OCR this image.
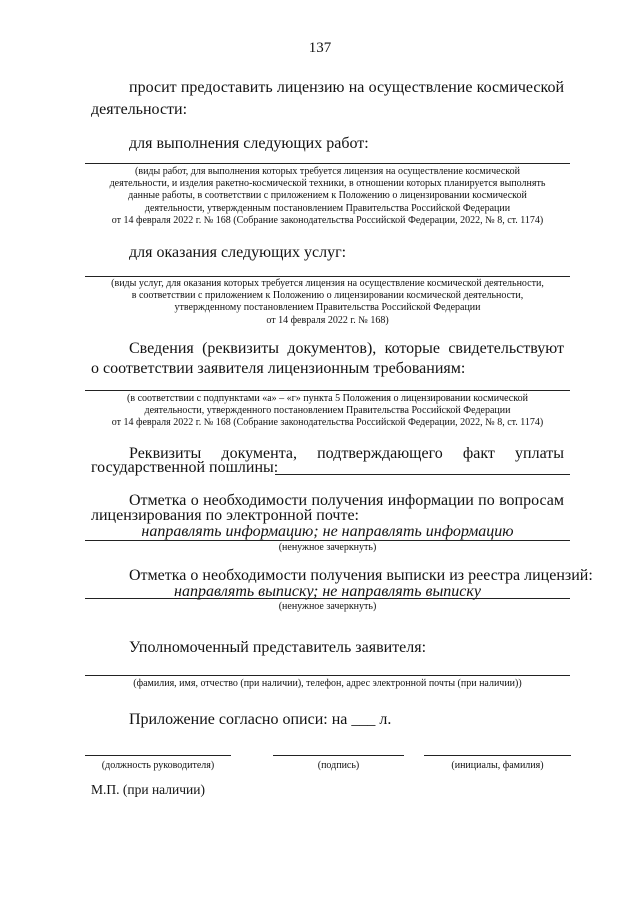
137
просит предоставить лицензию на осуществление космической
деятельности:
для выполнения следующих работ:
(виды работ, для выполнения которых требуется лицензия на осуществление космической
деятельности, и изделия ракетно-космической техники, в отношении которых планируется выполнять
данные работы, в соответствии с приложением к Положению о лицензировании космической
деятельности, утвержденным постановлением Правительства Российской Федерации
от 14 февраля 2022 г. № 168 (Собрание законодательства Российской Федерации, 2022, № 8, ст. 1174)
для оказания следующих услуг:
(виды услуг, для оказания которых требуется лицензия на осуществление космической деятельности,
в соответствии с приложением к Положению о лицензировании космической деятельности,
утвержденному постановлением Правительства Российской Федерации
от 14 февраля 2022 г. № 168)
Сведения (реквизиты документов), которые свидетельствуют
о соответствии заявителя лицензионным требованиям:
(в соответствии с подпунктами «а» – «г» пункта 5 Положения о лицензировании космической
деятельности, утвержденного постановлением Правительства Российской Федерации
от 14 февраля 2022 г. № 168 (Собрание законодательства Российской Федерации, 2022, № 8, ст. 1174)
Реквизиты документа, подтверждающего факт уплаты
государственной пошлины:
Отметка о необходимости получения информации по вопросам
лицензирования по электронной почте:
направлять информацию; не направлять информацию
(ненужное зачеркнуть)
Отметка о необходимости получения выписки из реестра лицензий:
направлять выписку; не направлять выписку
(ненужное зачеркнуть)
Уполномоченный представитель заявителя:
(фамилия, имя, отчество (при наличии), телефон, адрес электронной почты (при наличии))
Приложение согласно описи: на ___ л.
(должность руководителя)	(подпись)	(инициалы, фамилия)
М.П. (при наличии)
